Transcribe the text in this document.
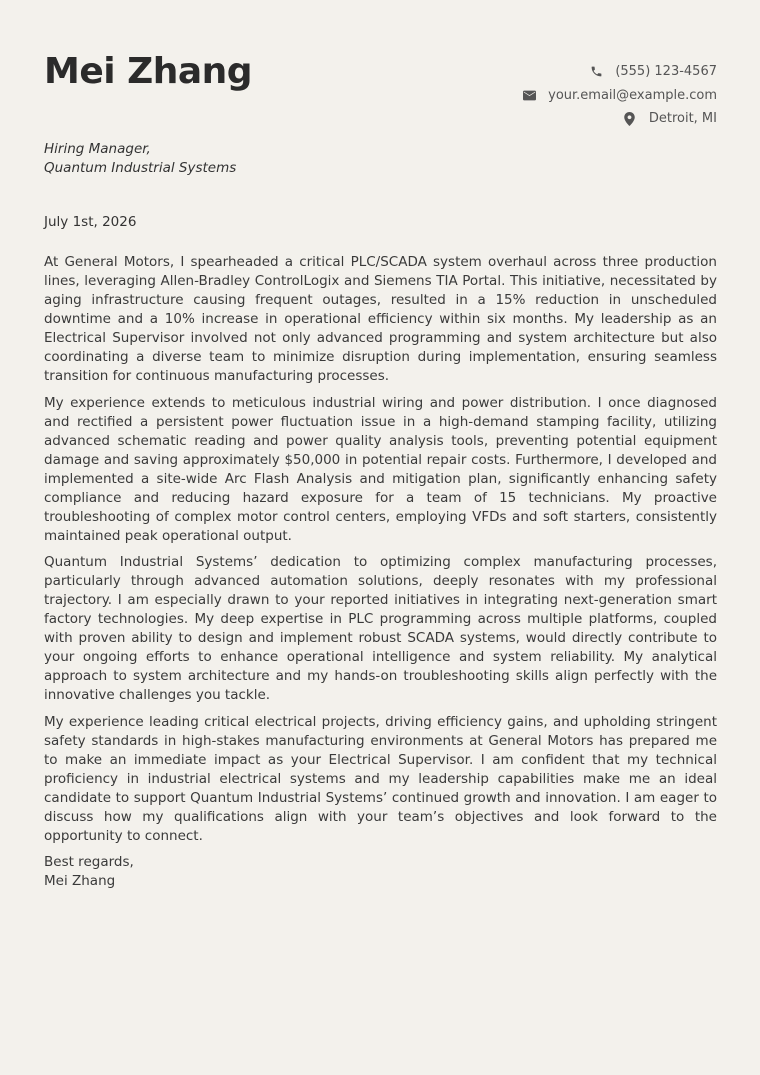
Mei Zhang	(555) 123-4567
your.email@example.com
Detroit, MI
Hiring Manager,
Quantum Industrial Systems
July 1st, 2026

At General Motors, I spearheaded a critical PLC/SCADA system overhaul across three production lines, leveraging Allen-Bradley ControlLogix and Siemens TIA Portal. This initiative, necessitated by aging infrastructure causing frequent outages, resulted in a 15% reduction in unscheduled downtime and a 10% increase in operational efficiency within six months. My leadership as an Electrical Supervisor involved not only advanced programming and system architecture but also coordinating a diverse team to minimize disruption during implementation, ensuring seamless transition for continuous manufacturing processes.

My experience extends to meticulous industrial wiring and power distribution. I once diagnosed and rectified a persistent power fluctuation issue in a high-demand stamping facility, utilizing advanced schematic reading and power quality analysis tools, preventing potential equipment damage and saving approximately $50,000 in potential repair costs. Furthermore, I developed and implemented a site-wide Arc Flash Analysis and mitigation plan, significantly enhancing safety compliance and reducing hazard exposure for a team of 15 technicians. My proactive troubleshooting of complex motor control centers, employing VFDs and soft starters, consistently maintained peak operational output.

Quantum Industrial Systems’ dedication to optimizing complex manufacturing processes, particularly through advanced automation solutions, deeply resonates with my professional trajectory. I am especially drawn to your reported initiatives in integrating next-generation smart factory technologies. My deep expertise in PLC programming across multiple platforms, coupled with proven ability to design and implement robust SCADA systems, would directly contribute to your ongoing efforts to enhance operational intelligence and system reliability. My analytical approach to system architecture and my hands-on troubleshooting skills align perfectly with the innovative challenges you tackle.

My experience leading critical electrical projects, driving efficiency gains, and upholding stringent safety standards in high-stakes manufacturing environments at General Motors has prepared me to make an immediate impact as your Electrical Supervisor. I am confident that my technical proficiency in industrial electrical systems and my leadership capabilities make me an ideal candidate to support Quantum Industrial Systems’ continued growth and innovation. I am eager to discuss how my qualifications align with your team’s objectives and look forward to the opportunity to connect.

Best regards,
Mei Zhang
